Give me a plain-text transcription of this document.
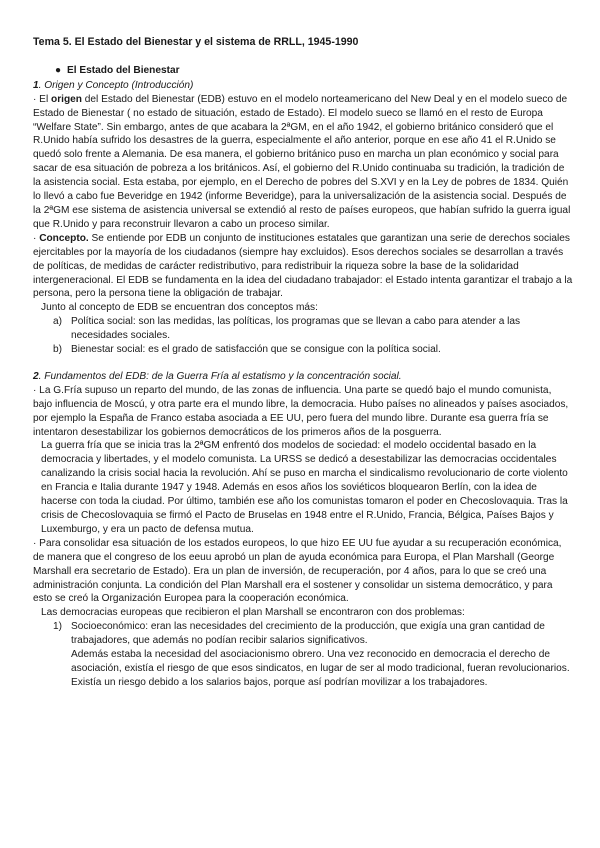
Tema 5. El Estado del Bienestar y el sistema de RRLL, 1945-1990

● El Estado del Bienestar

1. Origen y Concepto (Introducción)

· El origen del Estado del Bienestar (EDB) estuvo en el modelo norteamericano del New Deal y en el modelo sueco de Estado de Bienestar ( no estado de situación, estado de Estado). El modelo sueco se llamó en el resto de Europa “Welfare State”. Sin embargo, antes de que acabara la 2ªGM, en el año 1942, el gobierno británico consideró que el R.Unido había sufrido los desastres de la guerra, especialmente el año anterior, porque en ese año 41 el R.Unido se quedó solo frente a Alemania. De esa manera, el gobierno británico puso en marcha un plan económico y social para sacar de esa situación de pobreza a los británicos. Así, el gobierno del R.Unido continuaba su tradición, la tradición de la asistencia social. Esta estaba, por ejemplo, en el Derecho de pobres del S.XVI y en la Ley de pobres de 1834. Quién lo llevó a cabo fue Beveridge en 1942 (informe Beveridge), para la universalización de la asistencia social. Después de la 2ªGM ese sistema de asistencia universal se extendió al resto de países europeos, que habían sufrido la guerra igual que R.Unido y para reconstruir llevaron a cabo un proceso similar.

· Concepto. Se entiende por EDB un conjunto de instituciones estatales que garantizan una serie de derechos sociales ejercitables por la mayoría de los ciudadanos (siempre hay excluidos). Esos derechos sociales se desarrollan a través de políticas, de medidas de carácter redistributivo, para redistribuir la riqueza sobre la base de la solidaridad intergeneracional. El EDB se fundamenta en la idea del ciudadano trabajador: el Estado intenta garantizar el trabajo a la persona, pero la persona tiene la obligación de trabajar.

Junto al concepto de EDB se encuentran dos conceptos más:

a) Política social: son las medidas, las políticas, los programas que se llevan a cabo para atender a las necesidades sociales.
b) Bienestar social: es el grado de satisfacción que se consigue con la política social.

2. Fundamentos del EDB: de la Guerra Fría al estatismo y la concentración social.

· La G.Fría supuso un reparto del mundo, de las zonas de influencia. Una parte se quedó bajo el mundo comunista, bajo influencia de Moscú, y otra parte era el mundo libre, la democracia. Hubo países no alineados y países asociados, por ejemplo la España de Franco estaba asociada a EE UU, pero fuera del mundo libre. Durante esa guerra fría se intentaron desestabilizar los gobiernos democráticos de los primeros años de la posguerra.

La guerra fría que se inicia tras la 2ªGM enfrentó dos modelos de sociedad: el modelo occidental basado en la democracia y libertades, y el modelo comunista. La URSS se dedicó a desestabilizar las democracias occidentales canalizando la crisis social hacia la revolución. Ahí se puso en marcha el sindicalismo revolucionario de corte violento en Francia e Italia durante 1947 y 1948. Además en esos años los soviéticos bloquearon Berlín, con la idea de hacerse con toda la ciudad. Por último, también ese año los comunistas tomaron el poder en Checoslovaquia. Tras la crisis de Checoslovaquia se firmó el Pacto de Bruselas en 1948 entre el R.Unido, Francia, Bélgica, Países Bajos y Luxemburgo, y era un pacto de defensa mutua.

· Para consolidar esa situación de los estados europeos, lo que hizo EE UU fue ayudar a su recuperación económica, de manera que el congreso de los eeuu aprobó un plan de ayuda económica para Europa, el Plan Marshall (George Marshall era secretario de Estado). Era un plan de inversión, de recuperación, por 4 años, para lo que se creó una administración conjunta. La condición del Plan Marshall era el sostener y consolidar un sistema democrático, y para esto se creó la Organización Europea para la cooperación económica.

Las democracias europeas que recibieron el plan Marshall se encontraron con dos problemas:

1) Socioeconómico: eran las necesidades del crecimiento de la producción, que exigía una gran cantidad de trabajadores, que además no podían recibir salarios significativos.
Además estaba la necesidad del asociacionismo obrero. Una vez reconocido en democracia el derecho de asociación, existía el riesgo de que esos sindicatos, en lugar de ser al modo tradicional, fueran revolucionarios. Existía un riesgo debido a los salarios bajos, porque así podrían movilizar a los trabajadores.
